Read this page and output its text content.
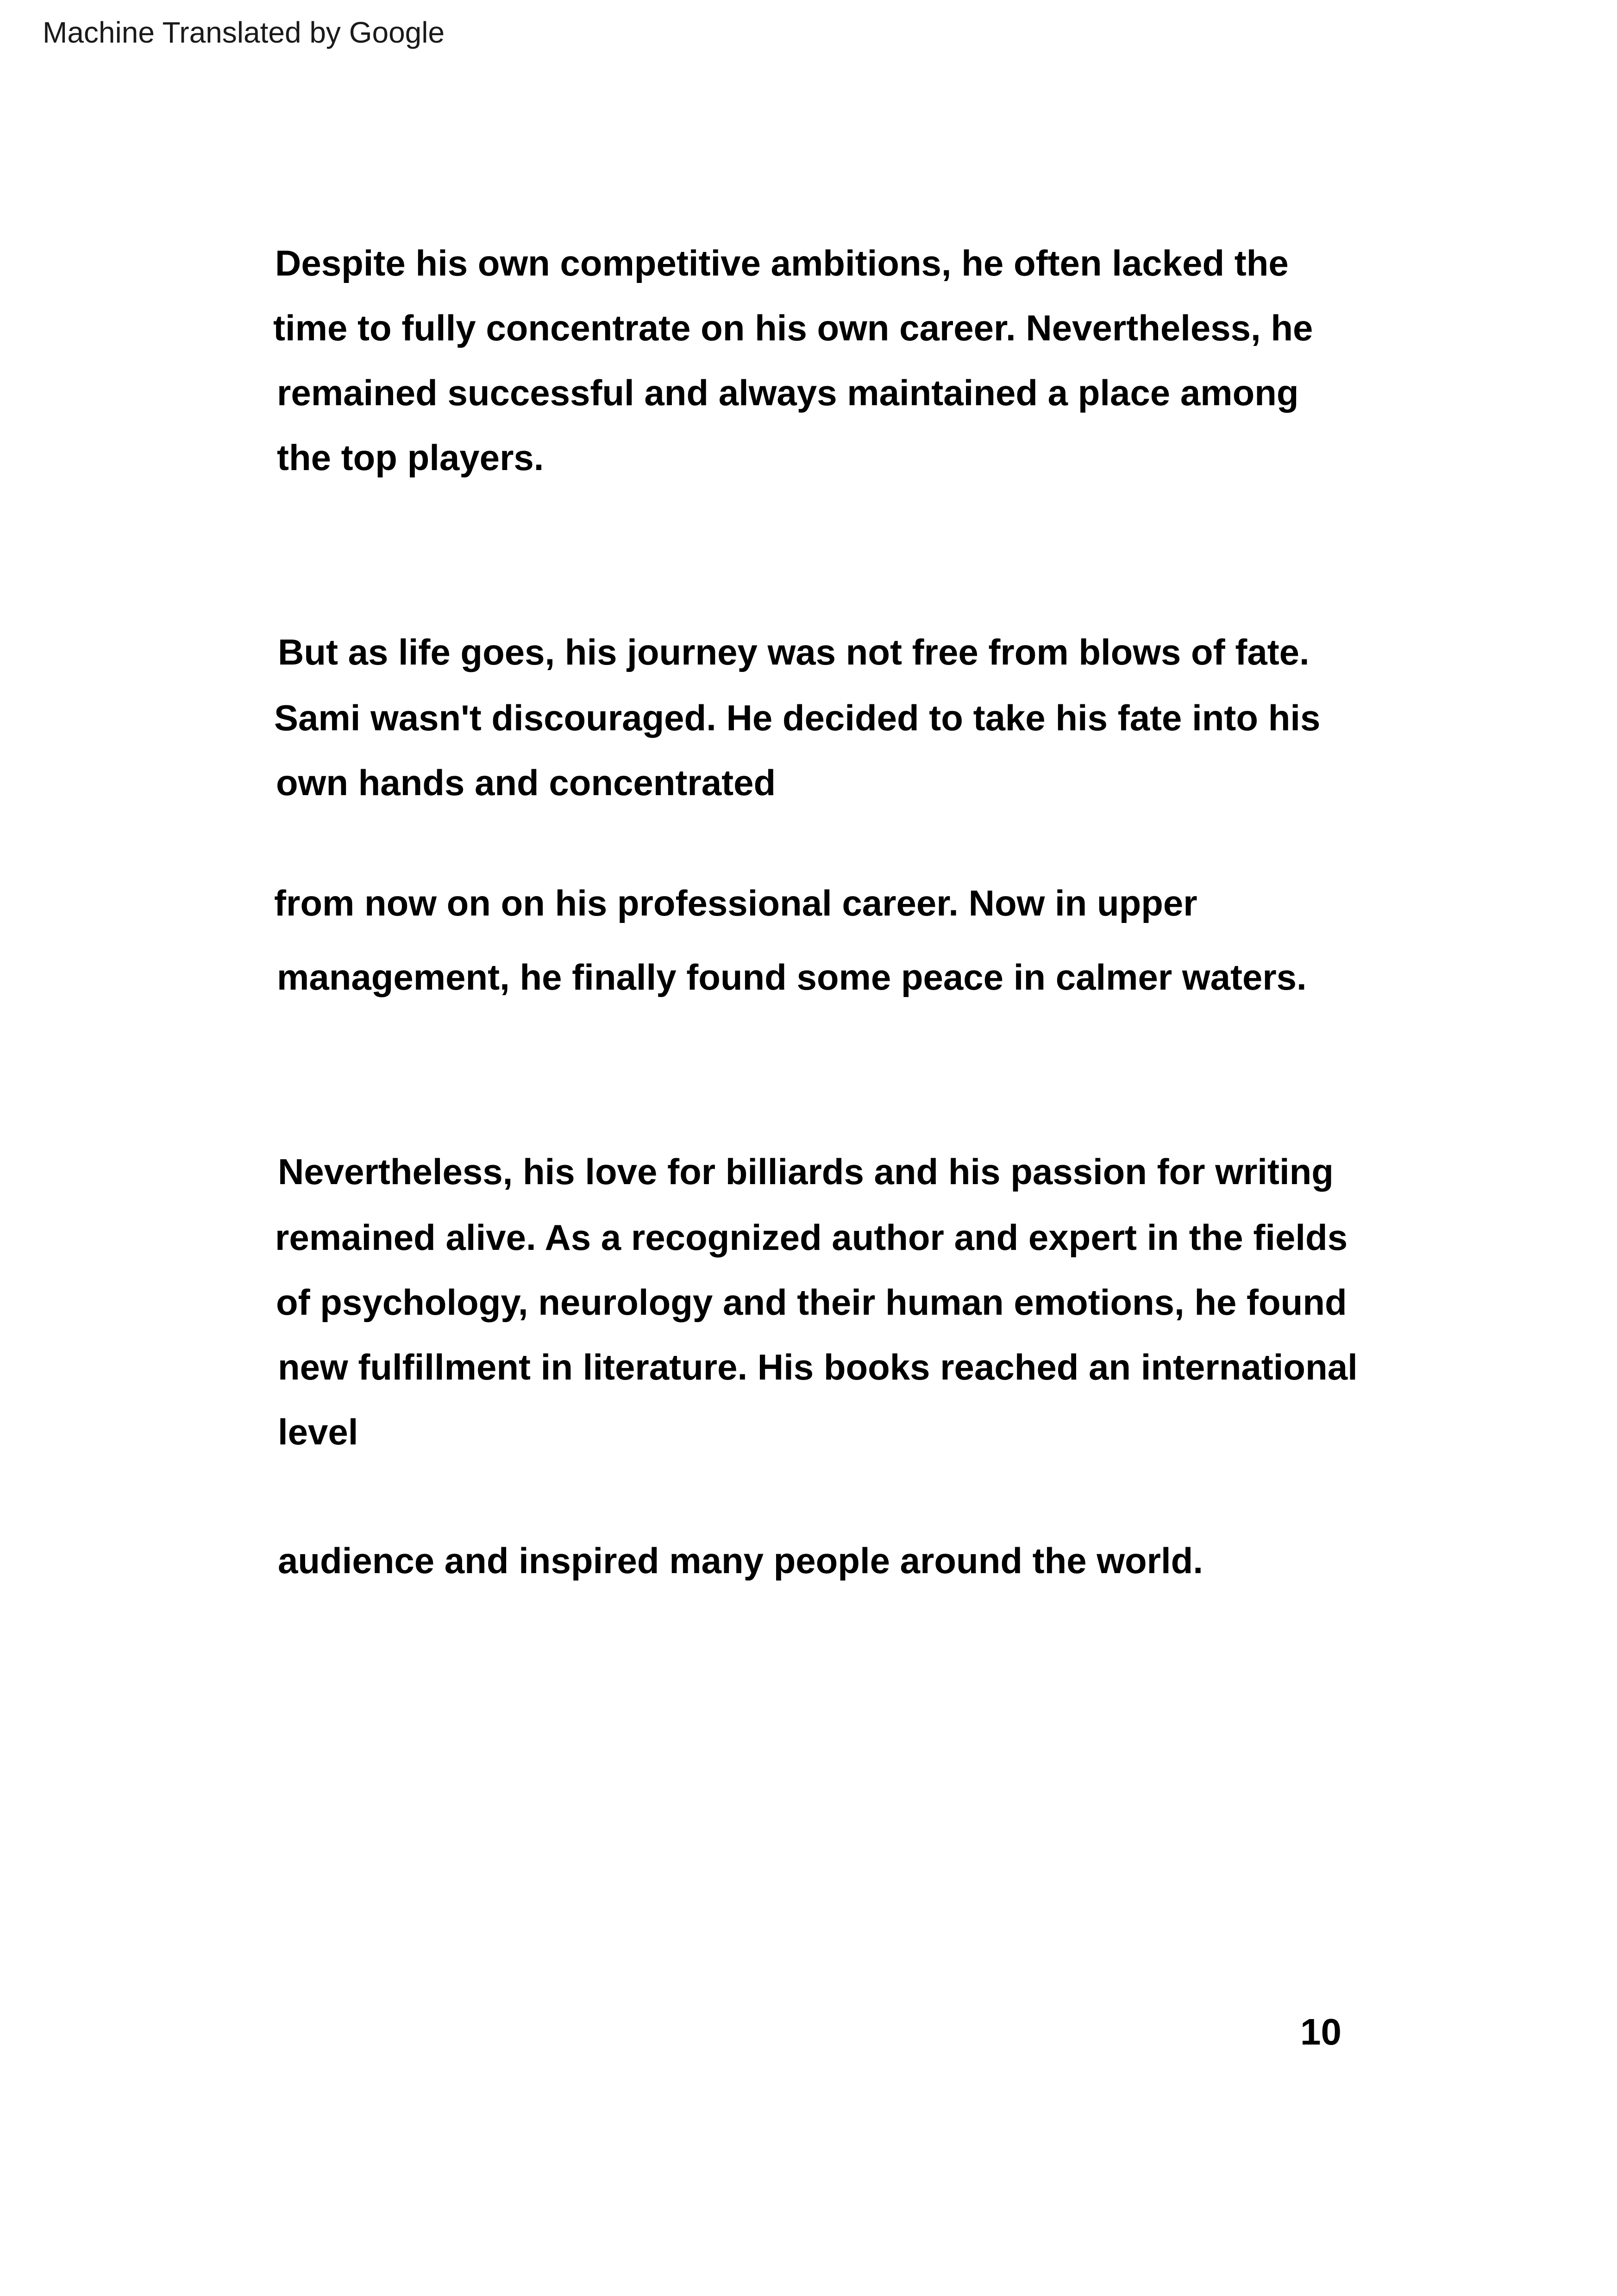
Machine Translated by Google
Despite his own competitive ambitions, he often lacked the
time to fully concentrate on his own career. Nevertheless, he
remained successful and always maintained a place among
the top players.
But as life goes, his journey was not free from blows of fate.
Sami wasn't discouraged. He decided to take his fate into his
own hands and concentrated
from now on on his professional career. Now in upper
management, he finally found some peace in calmer waters.
Nevertheless, his love for billiards and his passion for writing
remained alive. As a recognized author and expert in the fields
of psychology, neurology and their human emotions, he found
new fulfillment in literature. His books reached an international
level
audience and inspired many people around the world.
10
